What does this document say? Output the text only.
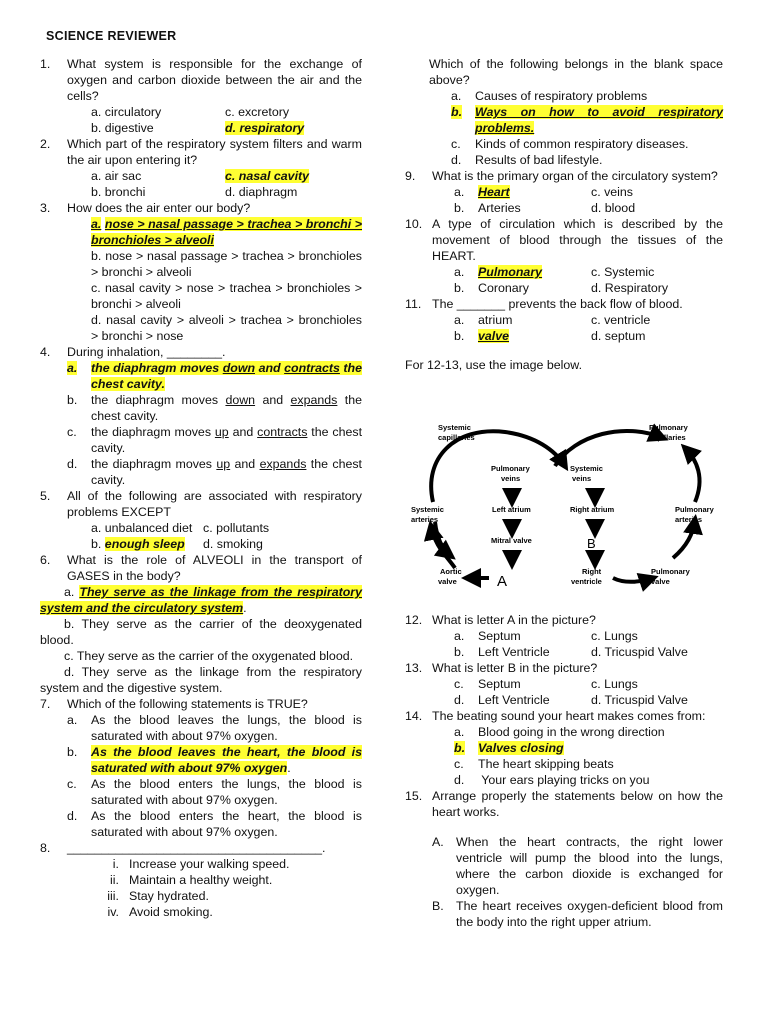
SCIENCE REVIEWER
1.	What system is responsible for the exchange of oxygen and carbon dioxide between the air and the cells?
a. circulatory	c. excretory
b. digestive	d. respiratory
2.	Which part of the respiratory system filters and warm the air upon entering it?
a. air sac	c. nasal cavity
b. bronchi	d. diaphragm
3.	How does the air enter our body?
a. nose > nasal passage > trachea > bronchi > bronchioles > alveoli
b. nose > nasal passage > trachea > bronchioles > bronchi > alveoli
c. nasal cavity > nose > trachea > bronchioles > bronchi > alveoli
d. nasal cavity > alveoli > trachea > bronchioles > bronchi > nose
4.	During inhalation, ________.
a.	the diaphragm moves down and contracts the chest cavity.
b.	the diaphragm moves down and expands the chest cavity.
c.	the diaphragm moves up and contracts the chest cavity.
d.	the diaphragm moves up and expands the chest cavity.
5.	All of the following are associated with respiratory problems EXCEPT
a. unbalanced diet c. pollutants
b. enough sleep	d. smoking
6.	What is the role of ALVEOLI in the transport of GASES in the body?
a. They serve as the linkage from the respiratory system and the circulatory system.
b. They serve as the carrier of the deoxygenated blood.
c. They serve as the carrier of the oxygenated blood.
d. They serve as the linkage from the respiratory system and the digestive system.
7.	Which of the following statements is TRUE?
a.	As the blood leaves the lungs, the blood is saturated with about 97% oxygen.
b.	As the blood leaves the heart, the blood is saturated with about 97% oxygen.
c.	As the blood enters the lungs, the blood is saturated with about 97% oxygen.
d.	As the blood enters the heart, the blood is saturated with about 97% oxygen.
8.	_____________________________________.
i. Increase your walking speed.
ii. Maintain a healthy weight.
iii. Stay hydrated.
iv. Avoid smoking.
Which of the following belongs in the blank space above?
a.	Causes of respiratory problems
b.	Ways on how to avoid respiratory problems.
c.	Kinds of common respiratory diseases.
d.	Results of bad lifestyle.
9.	What is the primary organ of the circulatory system?
a. Heart	c. veins
b. Arteries	d. blood
10. A type of circulation which is described by the movement of blood through the tissues of the HEART.
a. Pulmonary	c. Systemic
b. Coronary	d. Respiratory
11. The _______ prevents the back flow of blood.
a. atrium	c. ventricle
b. valve	d. septum
For 12-13, use the image below.
Systemic
capillaries
Pulmonary
capillaries
Pulmonary
veins
Systemic
veins
Systemic
arteries
Pulmonary
arteries
Left atrium	Right atrium
Mitral valve
Aortic
valve
Right
ventricle
Pulmonary
valve
A
B
12. What is letter A in the picture?
a. Septum	c. Lungs
b. Left Ventricle	d. Tricuspid Valve
13. What is letter B in the picture?
c. Septum	c. Lungs
d. Left Ventricle	d. Tricuspid Valve
14. The beating sound your heart makes comes from:
a.	Blood going in the wrong direction
b.	Valves closing
c.	The heart skipping beats
d.	Your ears playing tricks on you
15. Arrange properly the statements below on how the heart works.
A. When the heart contracts, the right lower ventricle will pump the blood into the lungs, where the carbon dioxide is exchanged for oxygen.
B. The heart receives oxygen-deficient blood from the body into the right upper atrium.
